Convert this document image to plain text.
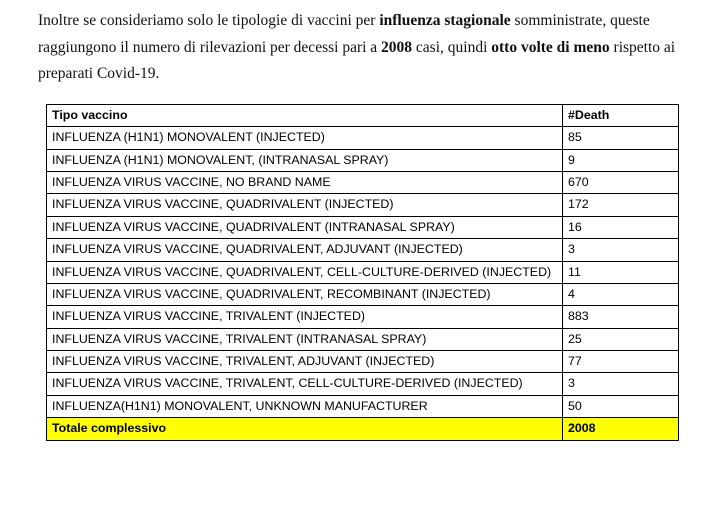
Inoltre se consideriamo solo le tipologie di vaccini per influenza stagionale somministrate, queste raggiungono il numero di rilevazioni per decessi pari a 2008 casi, quindi otto volte di meno rispetto ai preparati Covid-19.

Tipo vaccino	#Death
INFLUENZA (H1N1) MONOVALENT (INJECTED)	85
INFLUENZA (H1N1) MONOVALENT, (INTRANASAL SPRAY)	9
INFLUENZA VIRUS VACCINE, NO BRAND NAME	670
INFLUENZA VIRUS VACCINE, QUADRIVALENT (INJECTED)	172
INFLUENZA VIRUS VACCINE, QUADRIVALENT (INTRANASAL SPRAY)	16
INFLUENZA VIRUS VACCINE, QUADRIVALENT, ADJUVANT (INJECTED)	3
INFLUENZA VIRUS VACCINE, QUADRIVALENT, CELL-CULTURE-DERIVED (INJECTED)	11
INFLUENZA VIRUS VACCINE, QUADRIVALENT, RECOMBINANT (INJECTED)	4
INFLUENZA VIRUS VACCINE, TRIVALENT (INJECTED)	883
INFLUENZA VIRUS VACCINE, TRIVALENT (INTRANASAL SPRAY)	25
INFLUENZA VIRUS VACCINE, TRIVALENT, ADJUVANT (INJECTED)	77
INFLUENZA VIRUS VACCINE, TRIVALENT, CELL-CULTURE-DERIVED (INJECTED)	3
INFLUENZA(H1N1) MONOVALENT, UNKNOWN MANUFACTURER	50
Totale complessivo	2008
